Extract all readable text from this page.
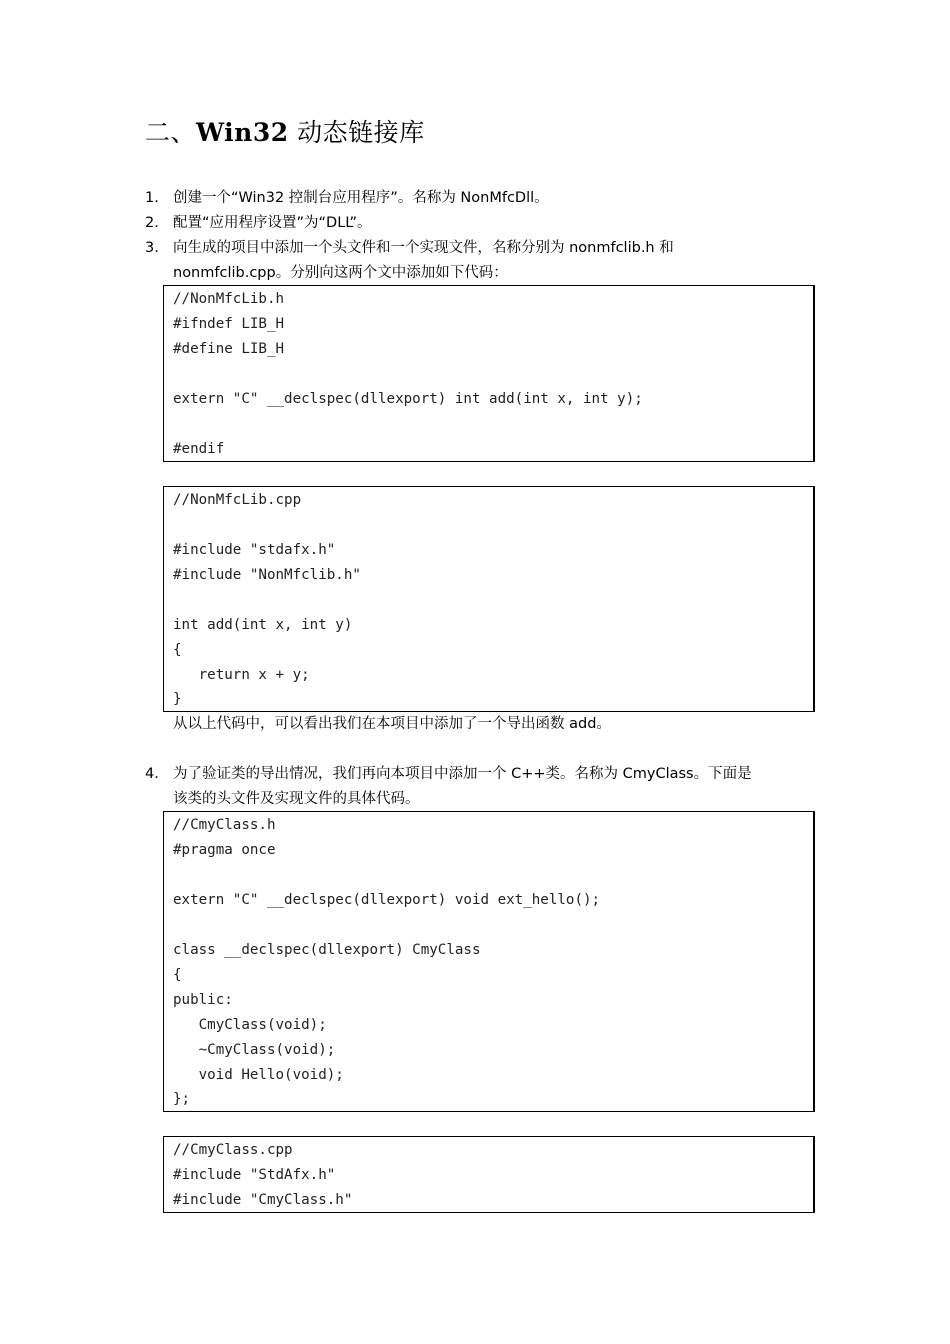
二、Win32 动态链接库
1. 创建一个“Win32 控制台应用程序”。名称为 NonMfcDll。
2. 配置“应用程序设置”为“DLL”。
3. 向生成的项目中添加一个头文件和一个实现文件，名称分别为 nonmfclib.h 和
nonmfclib.cpp。分别向这两个文中添加如下代码：
//NonMfcLib.h
#ifndef LIB_H
#define LIB_H
extern "C" __declspec(dllexport) int add(int x, int y);
#endif
//NonMfcLib.cpp
#include "stdafx.h"
#include "NonMfclib.h"
int add(int x, int y)
{
return x + y;
}
从以上代码中，可以看出我们在本项目中添加了一个导出函数 add。
4. 为了验证类的导出情况，我们再向本项目中添加一个 C++类。名称为 CmyClass。下面是
该类的头文件及实现文件的具体代码。
//CmyClass.h
#pragma once
extern "C" __declspec(dllexport) void ext_hello();
class __declspec(dllexport) CmyClass
{
public:
CmyClass(void);
~CmyClass(void);
void Hello(void);
};
//CmyClass.cpp
#include "StdAfx.h"
#include "CmyClass.h"
